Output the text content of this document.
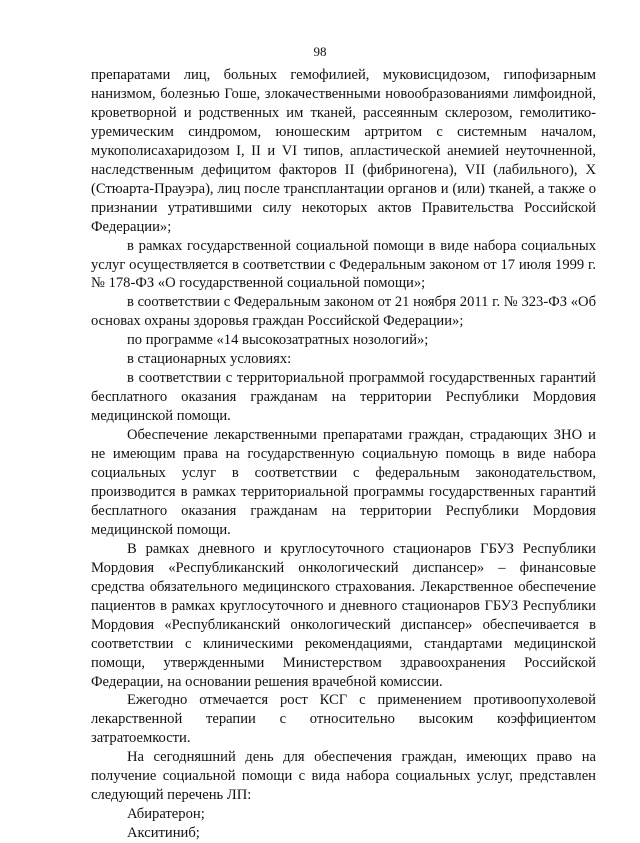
98

препаратами лиц, больных гемофилией, муковисцидозом, гипофизарным нанизмом, болезнью Гоше, злокачественными новообразованиями лимфоидной, кроветворной и родственных им тканей, рассеянным склерозом, гемолитико-уремическим синдромом, юношеским артритом с системным началом, мукополисахаридозом I, II и VI типов, апластической анемией неуточненной, наследственным дефицитом факторов II (фибриногена), VII (лабильного), X (Стюарта-Прауэра), лиц после трансплантации органов и (или) тканей, а также о признании утратившими силу некоторых актов Правительства Российской Федерации»;

в рамках государственной социальной помощи в виде набора социальных услуг осуществляется в соответствии с Федеральным законом от 17 июля 1999 г. № 178-ФЗ «О государственной социальной помощи»;

в соответствии с Федеральным законом от 21 ноября 2011 г. № 323-ФЗ «Об основах охраны здоровья граждан Российской Федерации»;

по программе «14 высокозатратных нозологий»;

в стационарных условиях:

в соответствии с территориальной программой государственных гарантий бесплатного оказания гражданам на территории Республики Мордовия медицинской помощи.

Обеспечение лекарственными препаратами граждан, страдающих ЗНО и не имеющим права на государственную социальную помощь в виде набора социальных услуг в соответствии с федеральным законодательством, производится в рамках территориальной программы государственных гарантий бесплатного оказания гражданам на территории Республики Мордовия медицинской помощи.

В рамках дневного и круглосуточного стационаров ГБУЗ Республики Мордовия «Республиканский онкологический диспансер» – финансовые средства обязательного медицинского страхования. Лекарственное обеспечение пациентов в рамках круглосуточного и дневного стационаров ГБУЗ Республики Мордовия «Республиканский онкологический диспансер» обеспечивается в соответствии с клиническими рекомендациями, стандартами медицинской помощи, утвержденными Министерством здравоохранения Российской Федерации, на основании решения врачебной комиссии.

Ежегодно отмечается рост КСГ с применением противоопухолевой лекарственной терапии с относительно высоким коэффициентом затратоемкости.

На сегодняшний день для обеспечения граждан, имеющих право на получение социальной помощи с вида набора социальных услуг, представлен следующий перечень ЛП:

Абиратерон;

Акситиниб;
